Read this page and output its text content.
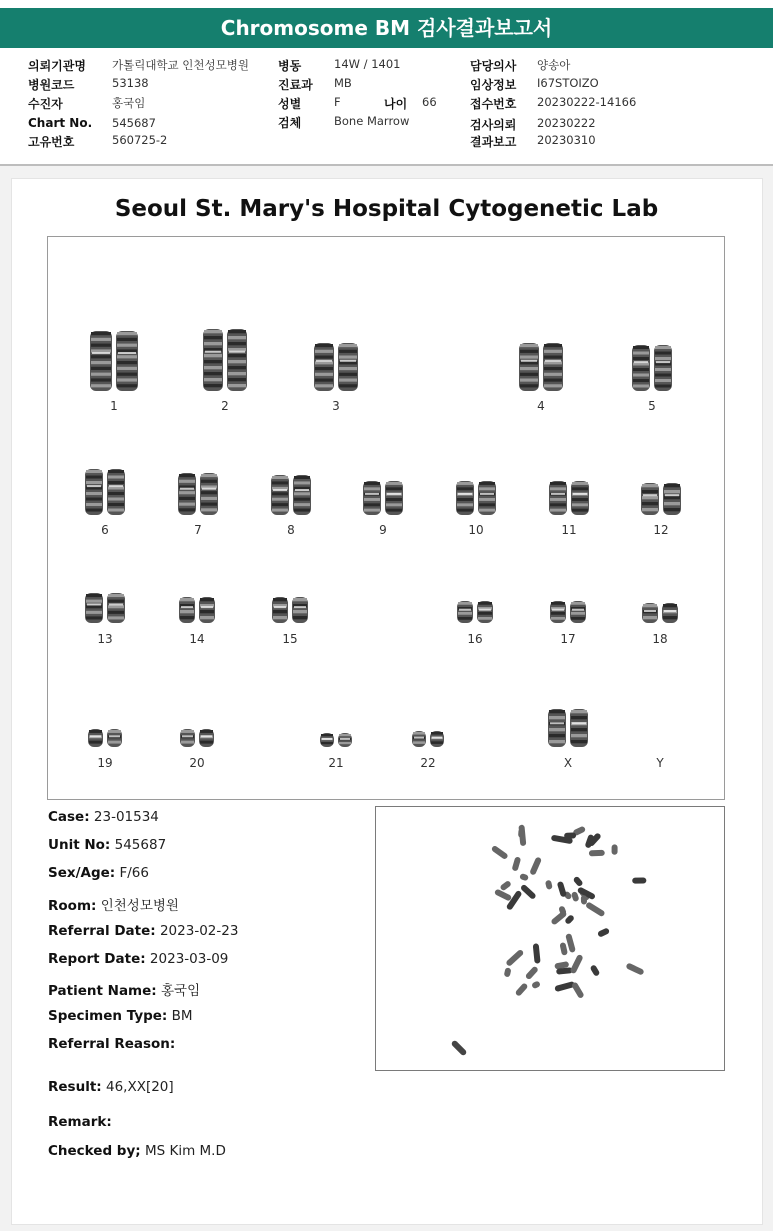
Chromosome BM 검사결과보고서
의뢰기관명 가톨릭대학교 인천성모병원
병원코드	53138
수진자	홍국임
Chart No. 545687
고유번호	560725-2
병동	14W / 1401
진료과 MB
성별	F	나이 66
검체	Bone Marrow
담당의사 양송아
임상정보 I67STOIZO
접수번호 20230222-14166
검사의뢰 20230222
결과보고 20230310
Seoul St. Mary's Hospital Cytogenetic Lab
1	2	3	4	5
6	7	8	9	10	11	12
13	14	15	16	17	18
19	20	21	22	X	Y
Case: 23-01534
Unit No: 545687
Sex/Age: F/66
Room: 인천성모병원
Referral Date: 2023-02-23
Report Date: 2023-03-09
Patient Name: 홍국임
Specimen Type: BM
Referral Reason:
Result: 46,XX[20]
Remark:
Checked by; MS Kim M.D
